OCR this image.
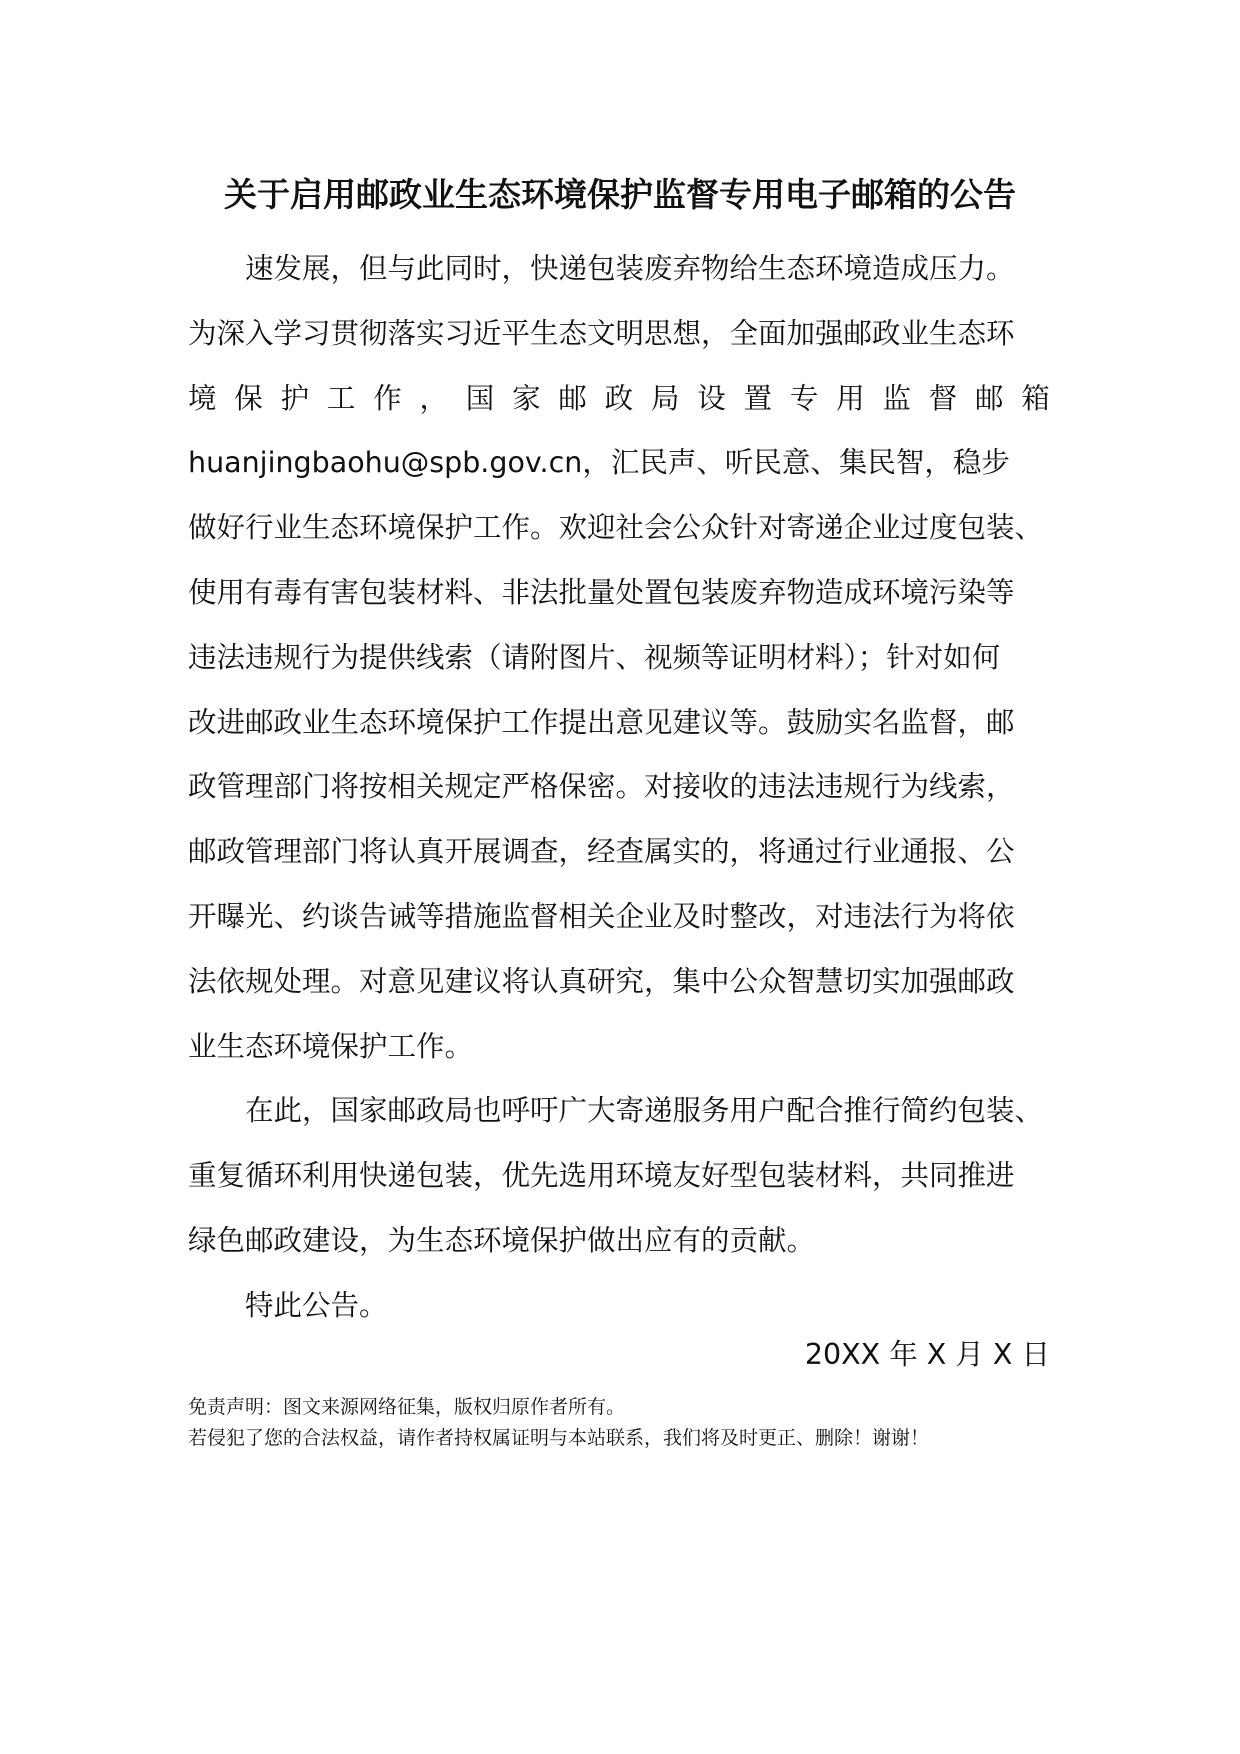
关于启用邮政业生态环境保护监督专用电子邮箱的公告
速发展，但与此同时，快递包装废弃物给生态环境造成压力。
为深入学习贯彻落实习近平生态文明思想，全面加强邮政业生态环
境 保 护 工 作 ， 国 家 邮 政 局 设 置 专 用 监 督 邮 箱
huanjingbaohu@spb.gov.cn，汇民声、听民意、集民智，稳步
做好行业生态环境保护工作。欢迎社会公众针对寄递企业过度包装、
使用有毒有害包装材料、非法批量处置包装废弃物造成环境污染等
违法违规行为提供线索（请附图片、视频等证明材料）；针对如何
改进邮政业生态环境保护工作提出意见建议等。鼓励实名监督，邮
政管理部门将按相关规定严格保密。对接收的违法违规行为线索，
邮政管理部门将认真开展调查，经查属实的，将通过行业通报、公
开曝光、约谈告诫等措施监督相关企业及时整改，对违法行为将依
法依规处理。对意见建议将认真研究，集中公众智慧切实加强邮政
业生态环境保护工作。
在此，国家邮政局也呼吁广大寄递服务用户配合推行简约包装、
重复循环利用快递包装，优先选用环境友好型包装材料，共同推进
绿色邮政建设，为生态环境保护做出应有的贡献。
特此公告。
20XX 年 X 月 X 日
免责声明：图文来源网络征集，版权归原作者所有。
若侵犯了您的合法权益，请作者持权属证明与本站联系，我们将及时更正、删除！谢谢！
